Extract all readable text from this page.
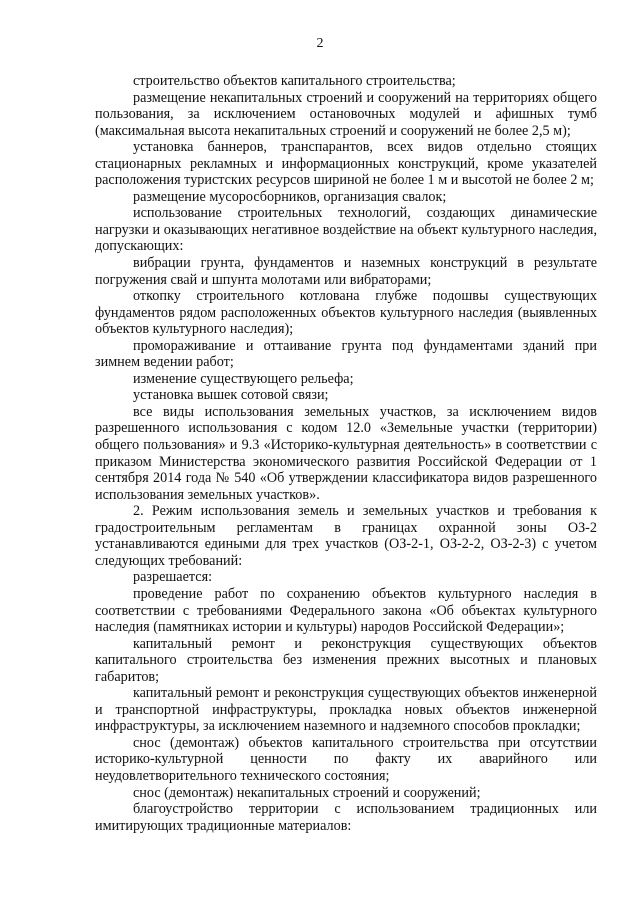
2

строительство объектов капитального строительства;

размещение некапитальных строений и сооружений на территориях общего пользования, за исключением остановочных модулей и афишных тумб (максимальная высота некапитальных строений и сооружений не более 2,5 м);

установка баннеров, транспарантов, всех видов отдельно стоящих стационарных рекламных и информационных конструкций, кроме указателей расположения туристских ресурсов шириной не более 1 м и высотой не более 2 м;

размещение мусоросборников, организация свалок;

использование строительных технологий, создающих динамические нагрузки и оказывающих негативное воздействие на объект культурного наследия, допускающих:

вибрации грунта, фундаментов и наземных конструкций в результате погружения свай и шпунта молотами или вибраторами;

откопку строительного котлована глубже подошвы существующих фундаментов рядом расположенных объектов культурного наследия (выявленных объектов культурного наследия);

промораживание и оттаивание грунта под фундаментами зданий при зимнем ведении работ;

изменение существующего рельефа;

установка вышек сотовой связи;

все виды использования земельных участков, за исключением видов разрешенного использования с кодом 12.0 «Земельные участки (территории) общего пользования» и 9.3 «Историко-культурная деятельность» в соответствии с приказом Министерства экономического развития Российской Федерации от 1 сентября 2014 года № 540 «Об утверждении классификатора видов разрешенного использования земельных участков».

2. Режим использования земель и земельных участков и требования к градостроительным регламентам в границах охранной зоны ОЗ-2 устанавливаются едиными для трех участков (ОЗ-2-1, ОЗ-2-2, ОЗ-2-3) с учетом следующих требований:

разрешается:

проведение работ по сохранению объектов культурного наследия в соответствии с требованиями Федерального закона «Об объектах культурного наследия (памятниках истории и культуры) народов Российской Федерации»;

капитальный ремонт и реконструкция существующих объектов капитального строительства без изменения прежних высотных и плановых габаритов;

капитальный ремонт и реконструкция существующих объектов инженерной и транспортной инфраструктуры, прокладка новых объектов инженерной инфраструктуры, за исключением наземного и надземного способов прокладки;

снос (демонтаж) объектов капитального строительства при отсутствии историко-культурной ценности по факту их аварийного или неудовлетворительного технического состояния;

снос (демонтаж) некапитальных строений и сооружений;

благоустройство территории с использованием традиционных или имитирующих традиционные материалов:
